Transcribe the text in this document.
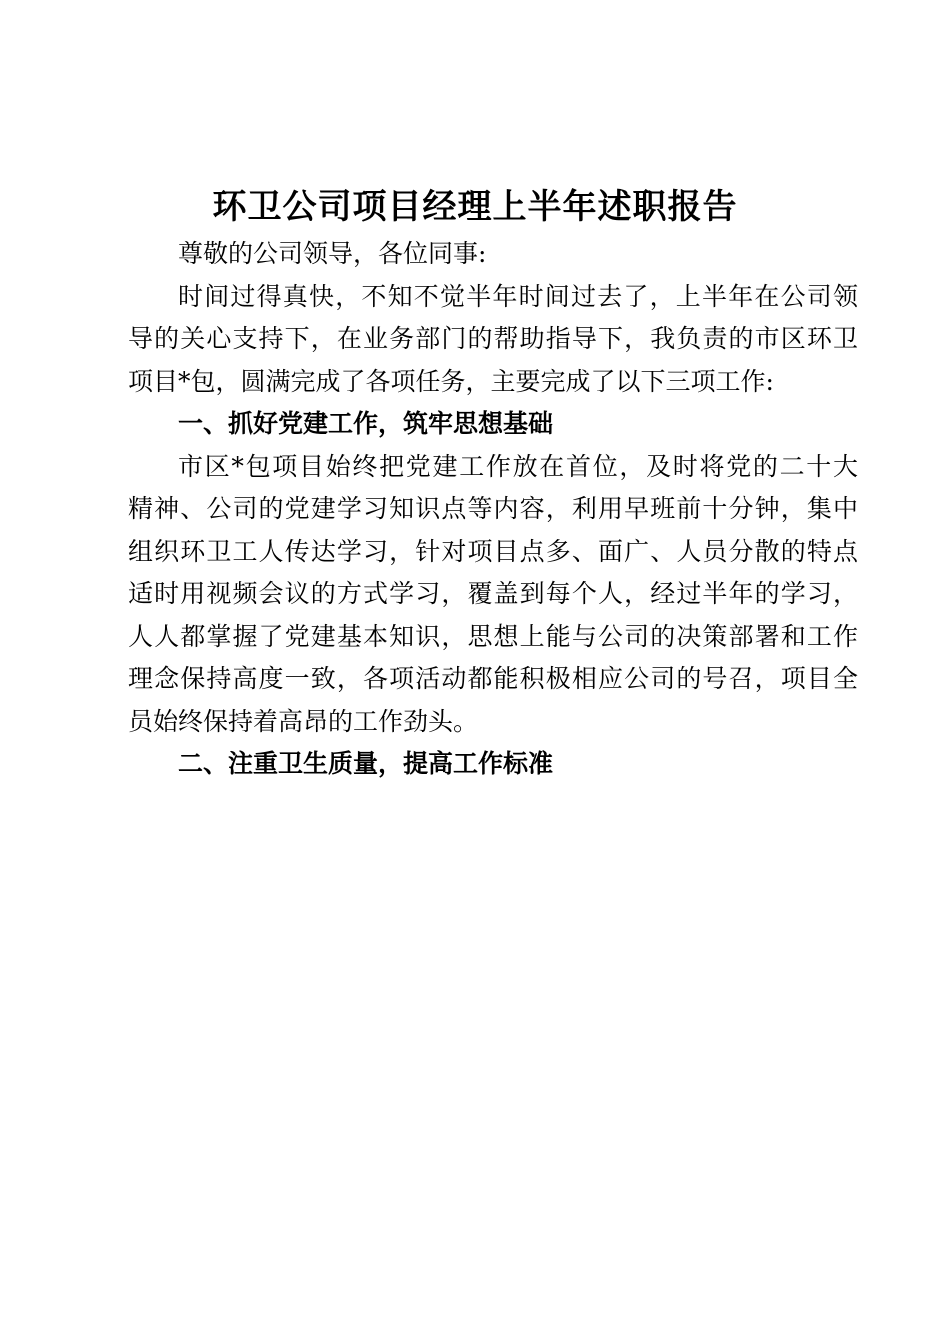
环卫公司项目经理上半年述职报告
尊敬的公司领导，各位同事:
时间过得真快，不知不觉半年时间过去了，上半年在公司领
导的关心支持下，在业务部门的帮助指导下，我负责的市区环卫
项目*包，圆满完成了各项任务，主要完成了以下三项工作:
一、抓好党建工作，筑牢思想基础
市区*包项目始终把党建工作放在首位，及时将党的二十大
精神、公司的党建学习知识点等内容，利用早班前十分钟，集中
组织环卫工人传达学习，针对项目点多、面广、人员分散的特点
适时用视频会议的方式学习，覆盖到每个人，经过半年的学习，
人人都掌握了党建基本知识，思想上能与公司的决策部署和工作
理念保持高度一致，各项活动都能积极相应公司的号召，项目全
员始终保持着高昂的工作劲头。
二、注重卫生质量，提高工作标准
